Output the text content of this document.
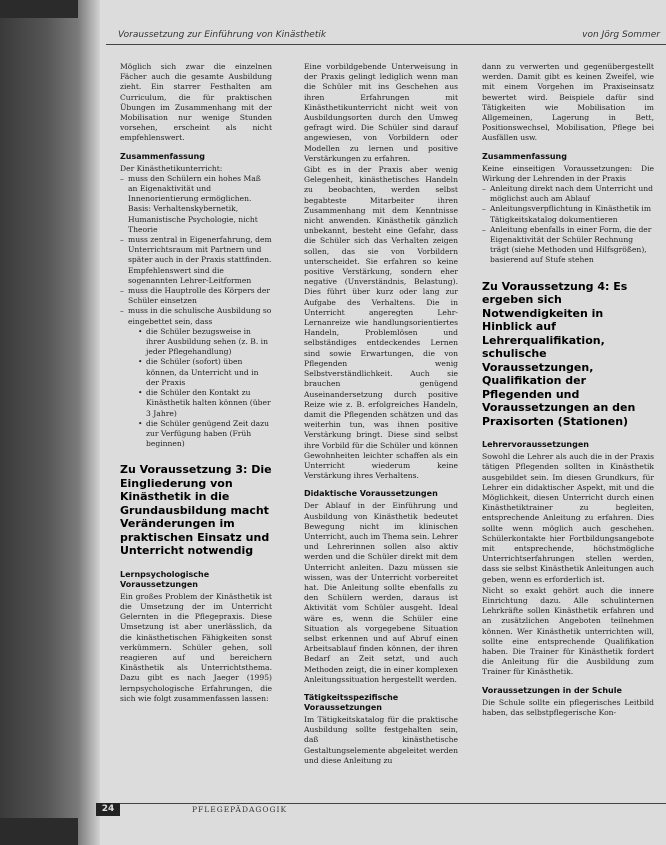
Voraussetzung zur Einführung von Kinästhetik	von Jörg Sommer

Möglich sich zwar die einzelnen Fächer auch die gesamte Ausbildung zieht. Ein starrer Festhalten am Curriculum, die für praktischen Übungen im Zusammenhang mit der Mobilisation nur wenige Stunden vorsehen, erscheint als nicht empfehlenswert.

Zusammenfassung

Der Kinästhetikunterricht:

– muss den Schülern ein hohes Maß an Eigenaktivität und Innenorientierung ermöglichen. Basis: Verhaltenskybernetik, Humanistische Psychologie, nicht Theorie
– muss zentral in Eigenerfahrung, dem Unterrichtsraum mit Partnern und später auch in der Praxis stattfinden. Empfehlenswert sind die sogenannten Lehrer-Leitformen
– muss die Hauptrolle des Körpers der Schüler einsetzen
– muss in die schulische Ausbildung so eingebettet sein, dass
• die Schüler bezugsweise in ihrer Ausbildung sehen (z. B. in jeder Pflegehandlung)
• die Schüler (sofort) üben können, da Unterricht und in der Praxis
• die Schüler den Kontakt zu Kinästhetik halten können (über 3 Jahre)
• die Schüler genügend Zeit dazu zur Verfügung haben (Früh beginnen)
Zu Voraussetzung 3: Die Eingliederung von Kinästhetik in die Grundausbildung macht Veränderungen im praktischen Einsatz und Unterricht notwendig
Lernpsychologische Voraussetzungen

Ein großes Problem der Kinästhetik ist die Umsetzung der im Unterricht Gelernten in die Pflegepraxis. Diese Umsetzung ist aber unerlässlich, da die kinästhetischen Fähigkeiten sonst verkümmern. Schüler gehen, soll reagieren auf und bereichern Kinästhetik als Unterrichtsthema. Dazu gibt es nach Jaeger (1995) lernpsychologische Erfahrungen, die sich wie folgt zusammenfassen lassen:

Eine vorbildgebende Unterweisung in der Praxis gelingt lediglich wenn man die Schüler mit ins Geschehen aus ihren Erfahrungen mit Kinästhetikunterricht nicht weit von Ausbildungsorten durch den Umweg gefragt wird. Die Schüler sind darauf angewiesen, von Vorbildern oder Modellen zu lernen und positive Verstärkungen zu erfahren.

Gibt es in der Praxis aber wenig Gelegenheit, kinästhetisches Handeln zu beobachten, werden selbst begabteste Mitarbeiter ihren Zusammenhang mit dem Kenntnisse nicht anwenden. Kinästhetik gänzlich unbekannt, besteht eine Gefahr, dass die Schüler sich das Verhalten zeigen sollen, das sie von Vorbildern unterscheidet. Sie erfahren so keine positive Verstärkung, sondern eher negative (Unverständnis, Belastung). Dies führt über kurz oder lang zur Aufgabe des Verhaltens. Die in Unterricht angeregten Lehr-Lernanreize wie handlungsorientiertes Handeln, Problemlösen und selbständiges entdeckendes Lernen sind sowie Erwartungen, die von Pflegenden wenig Selbstverständlichkeit. Auch sie brauchen genügend Auseinandersetzung durch positive Reize wie z. B. erfolgreiches Handeln, damit die Pflegenden schätzen und das weiterhin tun, was ihnen positive Verstärkung bringt. Diese sind selbst ihre Vorbild für die Schüler und können Gewohnheiten leichter schaffen als ein Unterricht wiederum keine Verstärkung ihres Verhaltens.

Didaktische Voraussetzungen

Der Ablauf in der Einführung und Ausbildung von Kinästhetik bedeutet Bewegung nicht im klinischen Unterricht, auch im Thema sein. Lehrer und Lehrerinnen sollen also aktiv werden und die Schüler direkt mit dem Unterricht anleiten. Dazu müssen sie wissen, was der Unterricht vorbereitet hat. Die Anleitung sollte ebenfalls zu den Schülern werden, daraus ist Aktivität vom Schüler ausgeht. Ideal wäre es, wenn die Schüler eine Situation als vorgegebene Situation selbst erkennen und auf Abruf einen Arbeitsablauf finden können, der ihren Bedarf an Zeit setzt, und auch Methoden zeigt, die in einer komplexen Anleitungssituation hergestellt werden.

Tätigkeitsspezifische Voraussetzungen

Im Tätigkeitskatalog für die praktische Ausbildung sollte festgehalten sein, daß kinästhetische Gestaltungselemente abgeleitet werden und diese Anleitung zu

dann zu verwerten und gegenübergestellt werden. Damit gibt es keinen Zweifel, wie mit einem Vorgehen im Praxiseinsatz bewertet wird. Beispiele dafür sind Tätigkeiten wie Mobilisation im Allgemeinen, Lagerung in Bett, Positionswechsel, Mobilisation, Pflege bei Ausfällen usw.

Zusammenfassung

Keine einseitigen Voraussetzungen: Die Wirkung der Lehrenden in der Praxis

– Anleitung direkt nach dem Unterricht und möglichst auch am Ablauf
– Anleitungsverpflichtung in Kinästhetik im Tätigkeitskatalog dokumentieren
– Anleitung ebenfalls in einer Form, die der Eigenaktivität der Schüler Rechnung trägt (siehe Methoden und Hilfsgrößen), basierend auf Stufe stehen
Zu Voraussetzung 4: Es ergeben sich Notwendigkeiten in Hinblick auf Lehrerqualifikation, schulische Voraussetzungen, Qualifikation der Pflegenden und Voraussetzungen an den Praxisorten (Stationen)
Lehrervoraussetzungen

Sowohl die Lehrer als auch die in der Praxis tätigen Pflegenden sollten in Kinästhetik ausgebildet sein. Im diesen Grundkurs, für Lehrer ein didaktischer Aspekt, mit und die Möglichkeit, diesen Unterricht durch einen Kinästhetiktrainer zu begleiten, entsprechende Anleitung zu erfahren. Dies sollte wenn möglich auch geschehen. Schülerkontakte hier Fortbildungsangebote mit entsprechende, höchstmögliche Unterrichtserfahrungen stellen werden, dass sie selbst Kinästhetik Anleitungen auch geben, wenn es erforderlich ist.

Nicht so exakt gehört auch die innere Einrichtung dazu. Alle schulinternen Lehrkräfte sollen Kinästhetik erfahren und an zusätzlichen Angeboten teilnehmen können. Wer Kinästhetik unterrichten will, sollte eine entsprechende Qualifikation haben. Die Trainer für Kinästhetik fordert die Anleitung für die Ausbildung zum Trainer für Kinästhetik.

Voraussetzungen in der Schule

Die Schule sollte ein pflegerisches Leitbild haben, das selbstpflegerische Kon-

24	PFLEGEPÄDAGOGIK
